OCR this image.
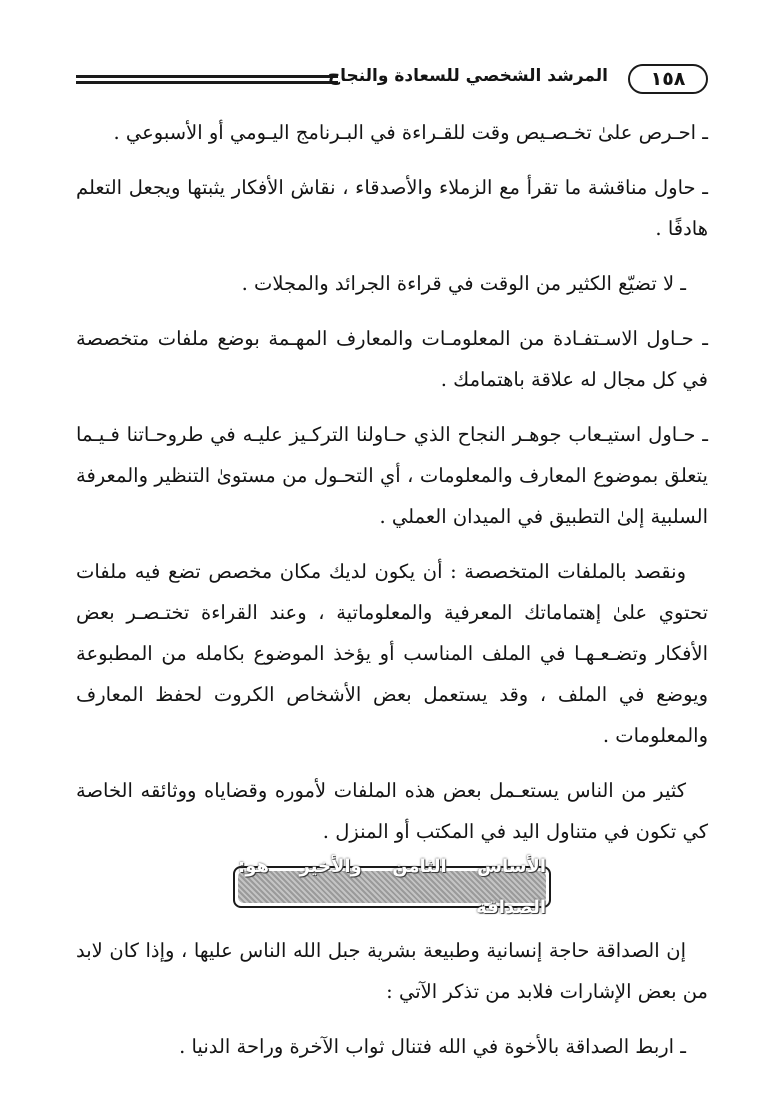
المرشد الشخصي للسعادة والنجاح	١٥٨

ـ احـرص علىٰ تخـصـيص وقت للقـراءة في البـرنامج اليـومي أو الأسبوعي .

ـ حاول مناقشة ما تقرأ مع الزملاء والأصدقاء ، نقاش الأفكار يثبتها ويجعل التعلم هادفًا .

ـ لا تضيّع الكثير من الوقت في قراءة الجرائد والمجلات .

ـ حـاول الاسـتفـادة من المعلومـات والمعارف المهـمة بوضع ملفات متخصصة في كل مجال له علاقة باهتمامك .

ـ حـاول استيـعاب جوهـر النجاح الذي حـاولنا التركـيز عليـه في طروحـاتنا فـيـما يتعلق بموضوع المعارف والمعلومات ، أي التحـول من مستوىٰ التنظير والمعرفة السلبية إلىٰ التطبيق في الميدان العملي .

ونقصد بالملفات المتخصصة : أن يكون لديك مكان مخصص تضع فيه ملفات تحتوي علىٰ إهتماماتك المعرفية والمعلوماتية ، وعند القراءة تختـصـر بعض الأفكار وتضـعـهـا في الملف المناسب أو يؤخذ الموضوع بكامله من المطبوعة ويوضع في الملف ، وقد يستعمل بعض الأشخاص الكروت لحفظ المعارف والمعلومات .

كثير من الناس يستعـمل بعض هذه الملفات لأموره وقضاياه ووثائقه الخاصة كي تكون في متناول اليد في المكتب أو المنزل .

الأساس الثامن والأخير هو: الصداقة

إن الصداقة حاجة إنسانية وطبيعة بشرية جبل الله الناس عليها ، وإذا كان لابد من بعض الإشارات فلابد من تذكر الآتي :

ـ اربط الصداقة بالأخوة في الله فتنال ثواب الآخرة وراحة الدنيا .
